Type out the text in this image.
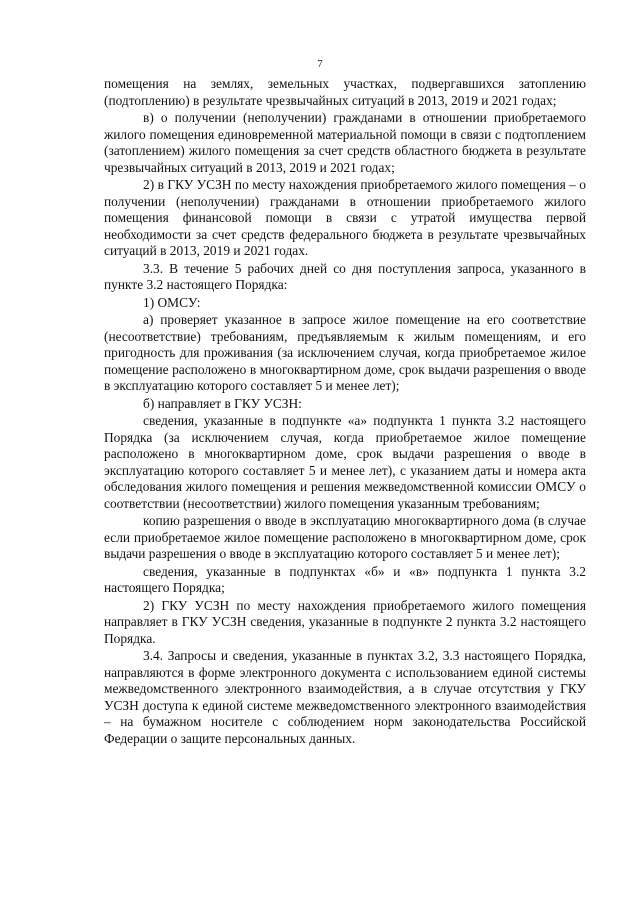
7

помещения на землях, земельных участках, подвергавшихся затоплению (подтоплению) в результате чрезвычайных ситуаций в 2013, 2019 и 2021 годах;

в) о получении (неполучении) гражданами в отношении приобретаемого жилого помещения единовременной материальной помощи в связи с подтоплением (затоплением) жилого помещения за счет средств областного бюджета в результате чрезвычайных ситуаций в 2013, 2019 и 2021 годах;

2) в ГКУ УСЗН по месту нахождения приобретаемого жилого помещения – о получении (неполучении) гражданами в отношении приобретаемого жилого помещения финансовой помощи в связи с утратой имущества первой необходимости за счет средств федерального бюджета в результате чрезвычайных ситуаций в 2013, 2019 и 2021 годах.

3.3. В течение 5 рабочих дней со дня поступления запроса, указанного в пункте 3.2 настоящего Порядка:

1) ОМСУ:

а) проверяет указанное в запросе жилое помещение на его соответствие (несоответствие) требованиям, предъявляемым к жилым помещениям, и его пригодность для проживания (за исключением случая, когда приобретаемое жилое помещение расположено в многоквартирном доме, срок выдачи разрешения о вводе в эксплуатацию которого составляет 5 и менее лет);

б) направляет в ГКУ УСЗН:

сведения, указанные в подпункте «а» подпункта 1 пункта 3.2 настоящего Порядка (за исключением случая, когда приобретаемое жилое помещение расположено в многоквартирном доме, срок выдачи разрешения о вводе в эксплуатацию которого составляет 5 и менее лет), с указанием даты и номера акта обследования жилого помещения и решения межведомственной комиссии ОМСУ о соответствии (несоответствии) жилого помещения указанным требованиям;

копию разрешения о вводе в эксплуатацию многоквартирного дома (в случае если приобретаемое жилое помещение расположено в многоквартирном доме, срок выдачи разрешения о вводе в эксплуатацию которого составляет 5 и менее лет);

сведения, указанные в подпунктах «б» и «в» подпункта 1 пункта 3.2 настоящего Порядка;

2) ГКУ УСЗН по месту нахождения приобретаемого жилого помещения направляет в ГКУ УСЗН сведения, указанные в подпункте 2 пункта 3.2 настоящего Порядка.

3.4. Запросы и сведения, указанные в пунктах 3.2, 3.3 настоящего Порядка, направляются в форме электронного документа с использованием единой системы межведомственного электронного взаимодействия, а в случае отсутствия у ГКУ УСЗН доступа к единой системе межведомственного электронного взаимодействия – на бумажном носителе с соблюдением норм законодательства Российской Федерации о защите персональных данных.
